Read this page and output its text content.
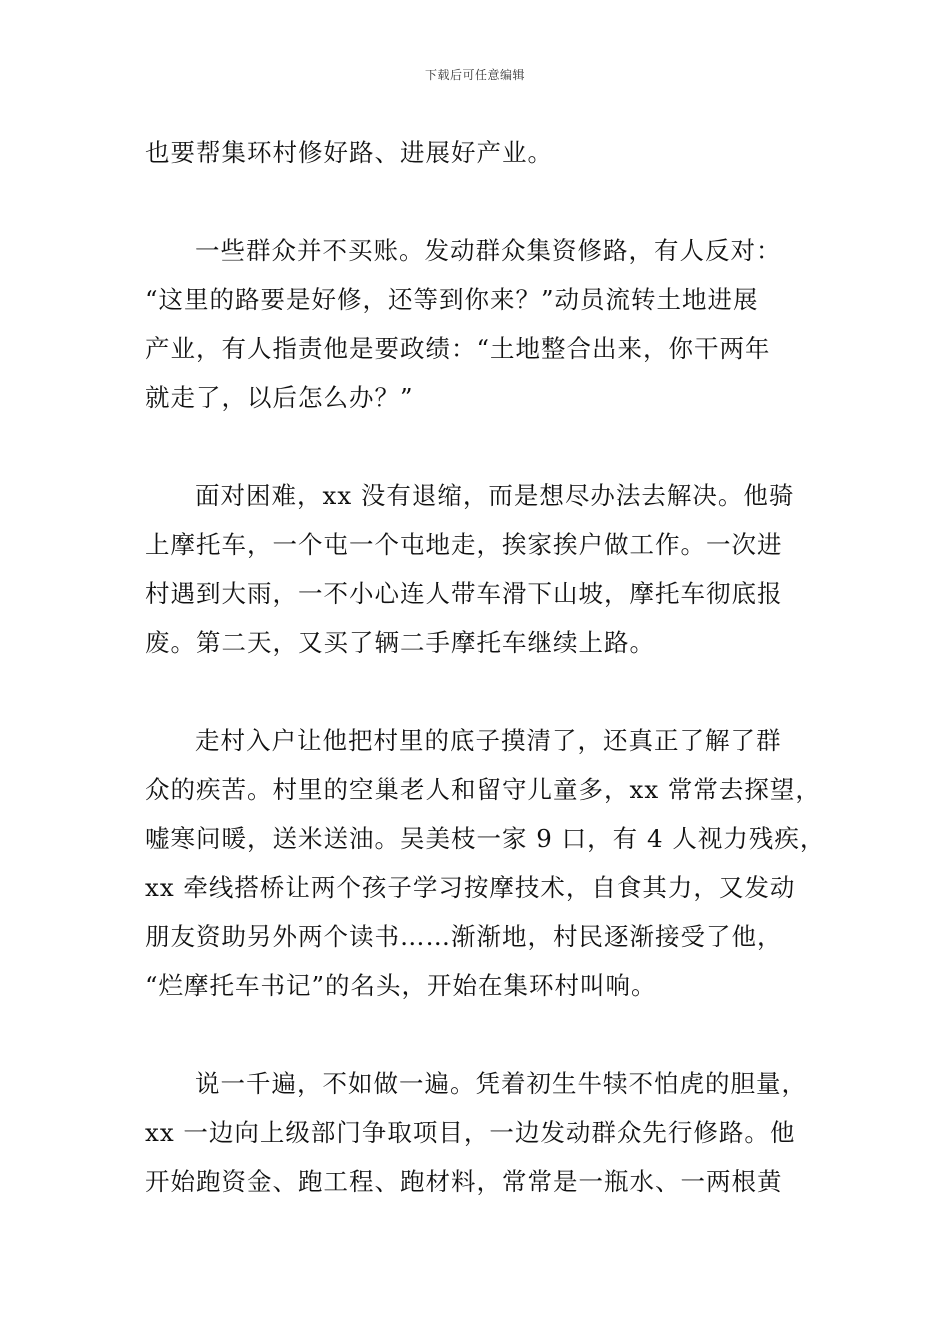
下载后可任意编辑
也要帮集环村修好路、进展好产业。
一些群众并不买账。发动群众集资修路，有人反对：
“这里的路要是好修，还等到你来？”动员流转土地进展
产业，有人指责他是要政绩：“土地整合出来，你干两年
就走了，以后怎么办？”
面对困难，xx 没有退缩，而是想尽办法去解决。他骑
上摩托车，一个屯一个屯地走，挨家挨户做工作。一次进
村遇到大雨，一不小心连人带车滑下山坡，摩托车彻底报
废。第二天，又买了辆二手摩托车继续上路。
走村入户让他把村里的底子摸清了，还真正了解了群
众的疾苦。村里的空巢老人和留守儿童多，xx 常常去探望，
嘘寒问暖，送米送油。吴美枝一家 9 口，有 4 人视力残疾，
xx 牵线搭桥让两个孩子学习按摩技术，自食其力，又发动
朋友资助另外两个读书……渐渐地，村民逐渐接受了他，
“烂摩托车书记”的名头，开始在集环村叫响。
说一千遍，不如做一遍。凭着初生牛犊不怕虎的胆量，
xx 一边向上级部门争取项目，一边发动群众先行修路。他
开始跑资金、跑工程、跑材料，常常是一瓶水、一两根黄
